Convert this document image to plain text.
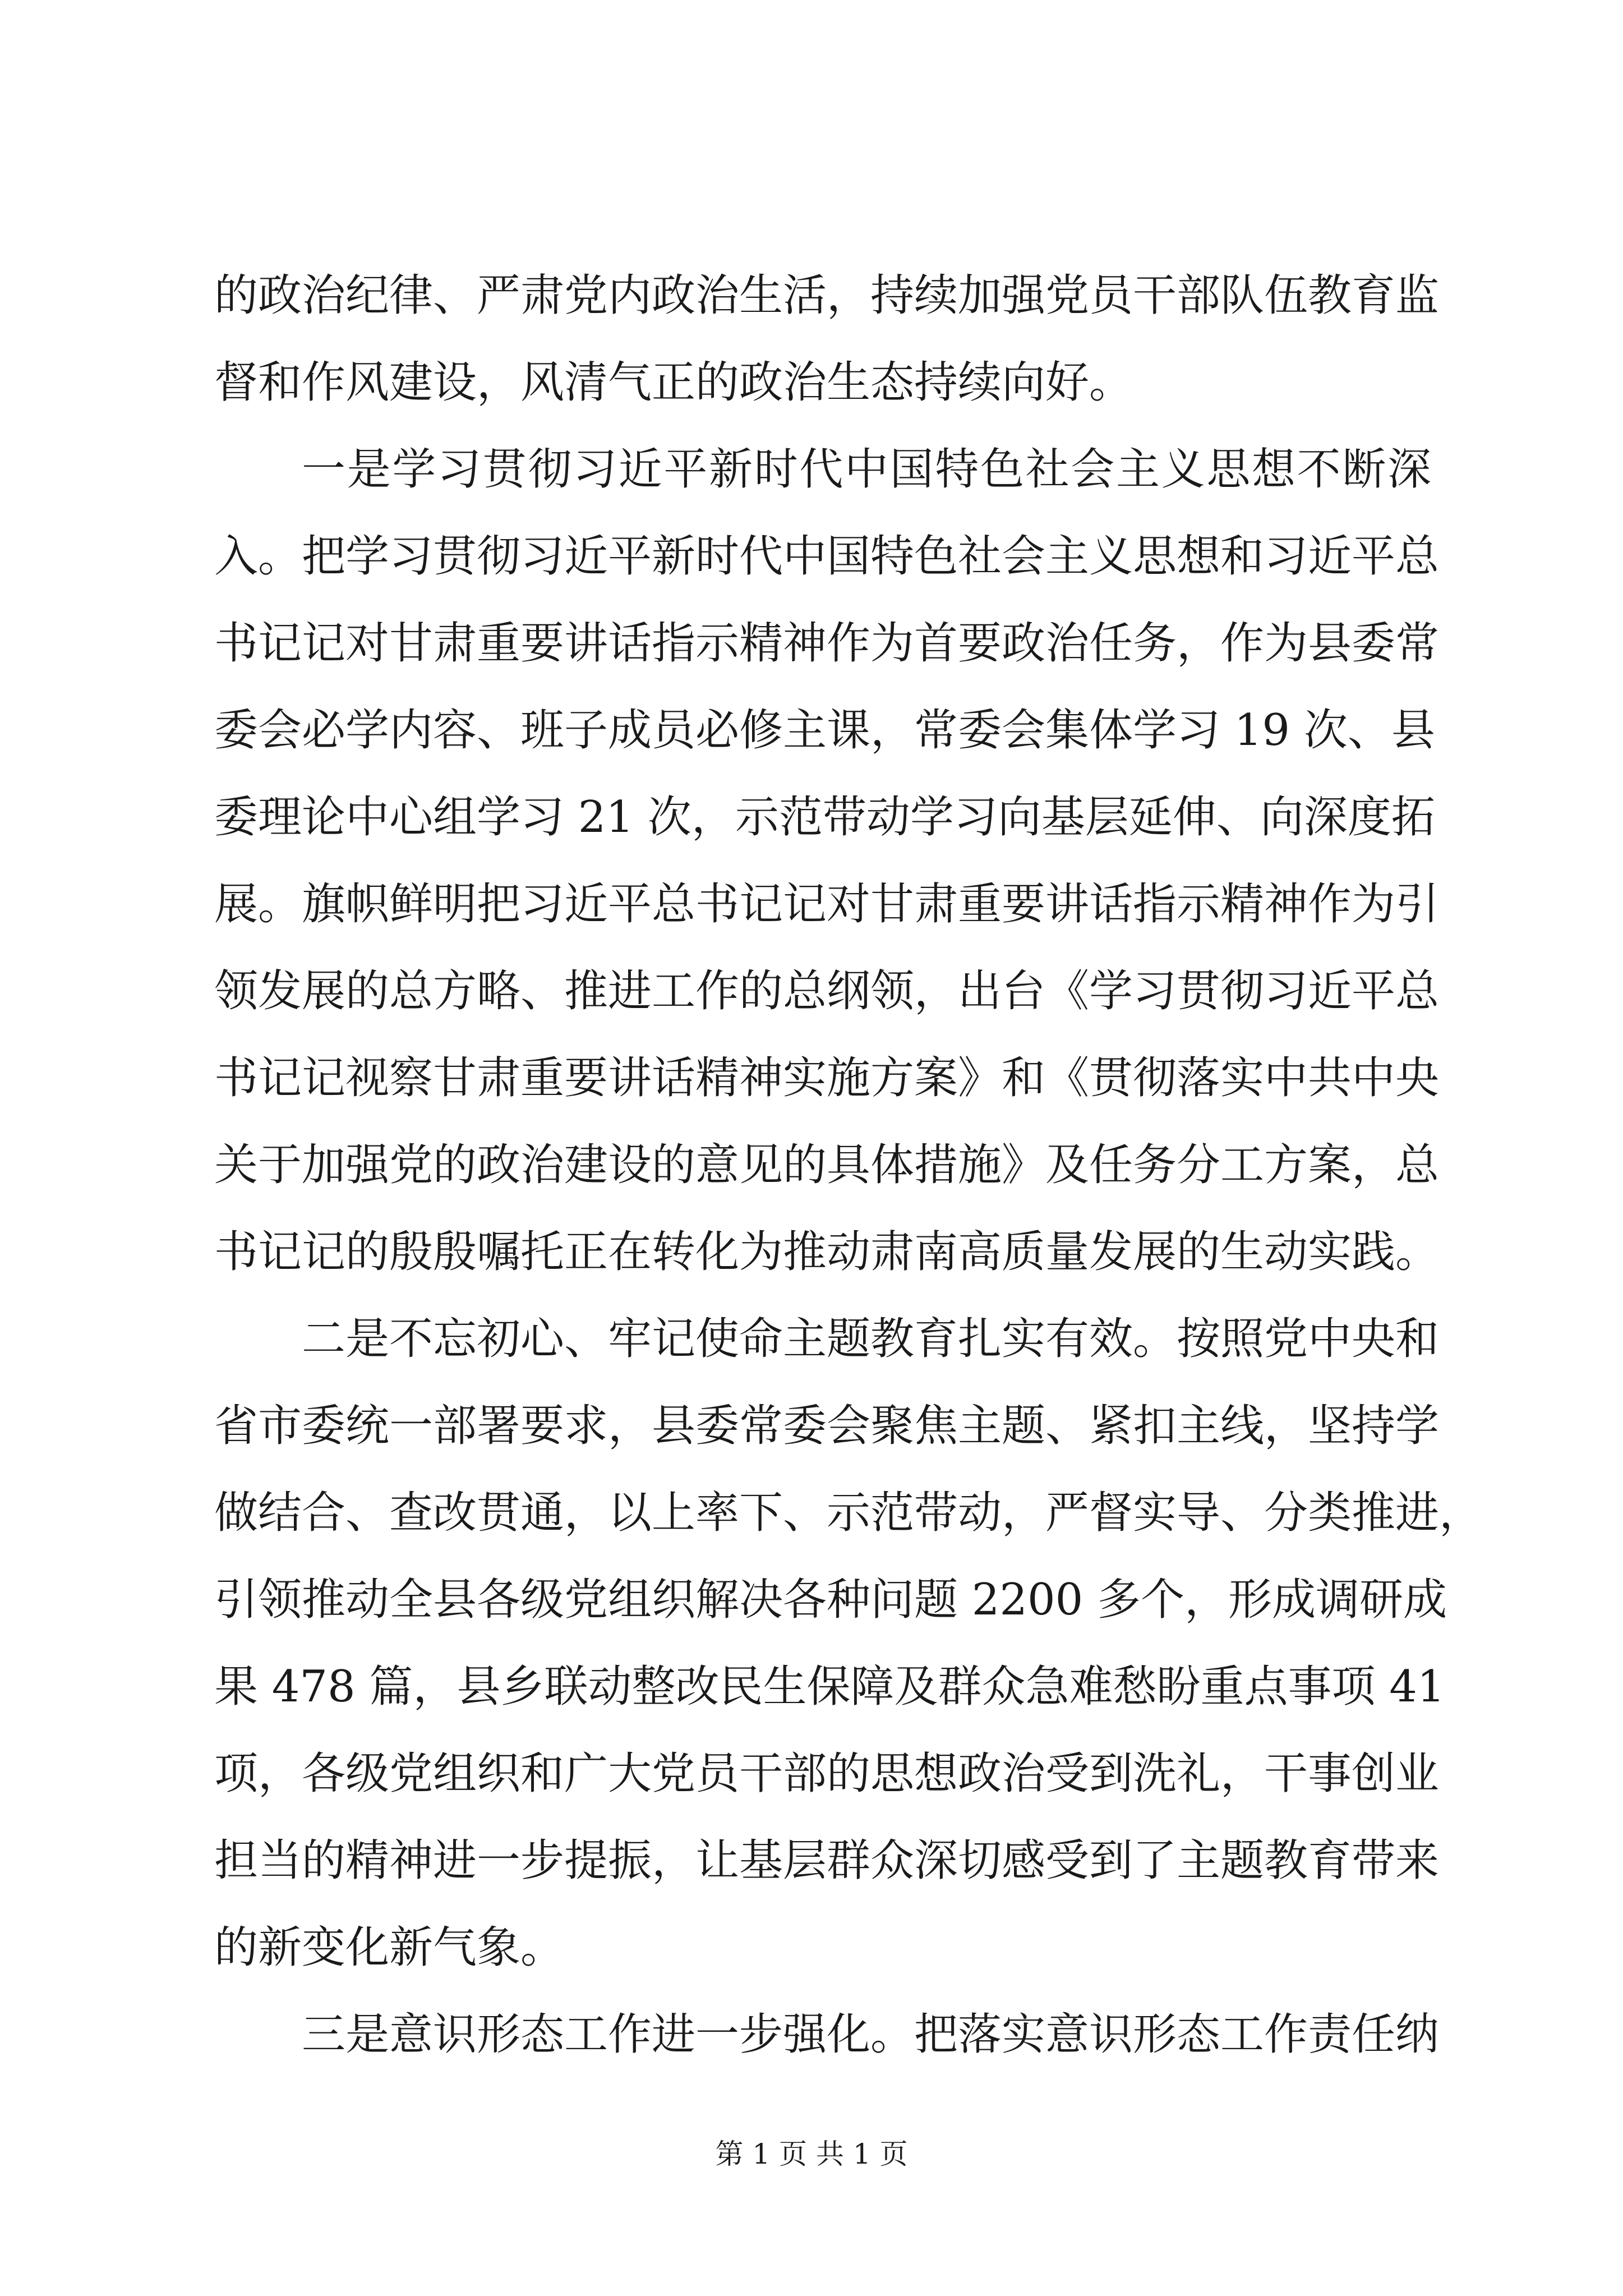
的政治纪律、严肃党内政治生活，持续加强党员干部队伍教育监
督和作风建设，风清气正的政治生态持续向好。
一是学习贯彻习近平新时代中国特色社会主义思想不断深
入。把学习贯彻习近平新时代中国特色社会主义思想和习近平总
书记记对甘肃重要讲话指示精神作为首要政治任务，作为县委常
委会必学内容、班子成员必修主课，常委会集体学习 19 次、县
委理论中心组学习 21 次，示范带动学习向基层延伸、向深度拓
展。旗帜鲜明把习近平总书记记对甘肃重要讲话指示精神作为引
领发展的总方略、推进工作的总纲领，出台《学习贯彻习近平总
书记记视察甘肃重要讲话精神实施方案》和《贯彻落实中共中央
关于加强党的政治建设的意见的具体措施》及任务分工方案，总
书记记的殷殷嘱托正在转化为推动肃南高质量发展的生动实践。
二是不忘初心、牢记使命主题教育扎实有效。按照党中央和
省市委统一部署要求，县委常委会聚焦主题、紧扣主线，坚持学
做结合、查改贯通，以上率下、示范带动，严督实导、分类推进，
引领推动全县各级党组织解决各种问题 2200 多个，形成调研成
果 478 篇，县乡联动整改民生保障及群众急难愁盼重点事项 41
项，各级党组织和广大党员干部的思想政治受到洗礼，干事创业
担当的精神进一步提振，让基层群众深切感受到了主题教育带来
的新变化新气象。
三是意识形态工作进一步强化。把落实意识形态工作责任纳
第 1 页 共 1 页
